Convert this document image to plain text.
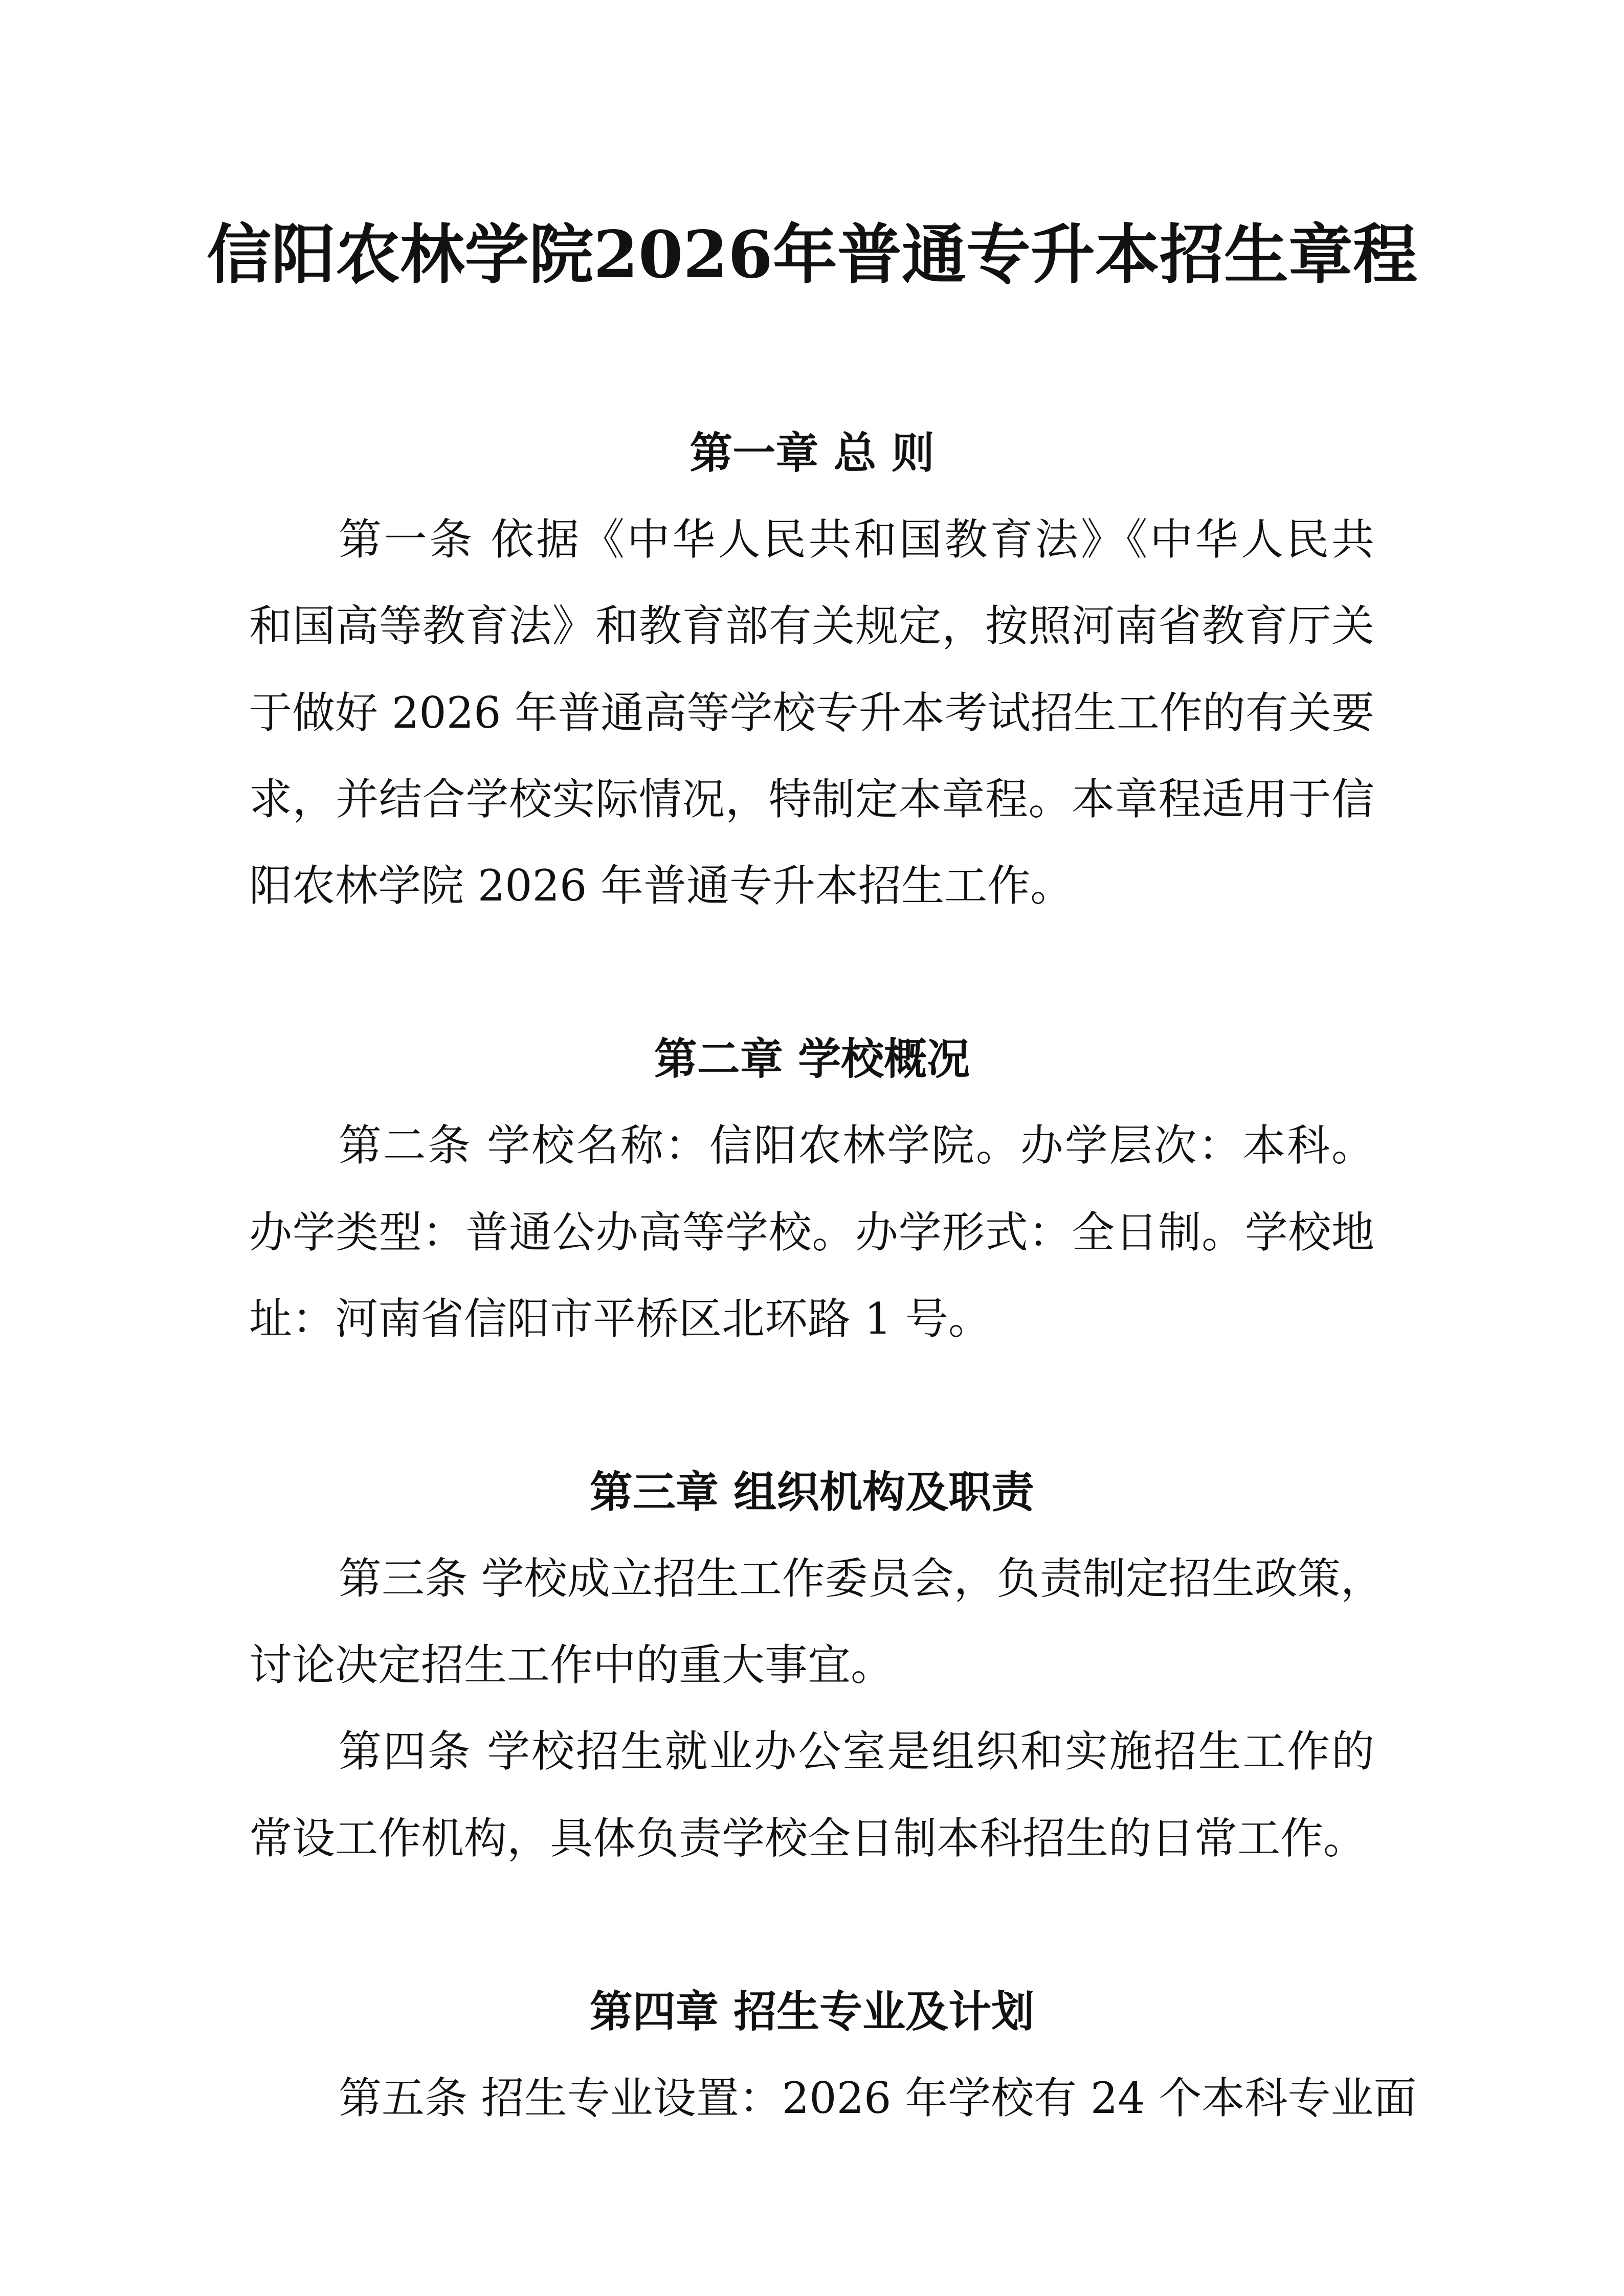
信阳农林学院2026年普通专升本招生章程
第一章 总 则
第一条 依据《中华人民共和国教育法》《中华人民共
和国高等教育法》和教育部有关规定，按照河南省教育厅关
于做好 2026 年普通高等学校专升本考试招生工作的有关要
求，并结合学校实际情况，特制定本章程。本章程适用于信
阳农林学院 2026 年普通专升本招生工作。
第二章 学校概况
第二条 学校名称：信阳农林学院。办学层次：本科。
办学类型：普通公办高等学校。办学形式：全日制。学校地
址：河南省信阳市平桥区北环路 1 号。
第三章 组织机构及职责
第三条 学校成立招生工作委员会，负责制定招生政策，
讨论决定招生工作中的重大事宜。
第四条 学校招生就业办公室是组织和实施招生工作的
常设工作机构，具体负责学校全日制本科招生的日常工作。
第四章 招生专业及计划
第五条 招生专业设置：2026 年学校有 24 个本科专业面
